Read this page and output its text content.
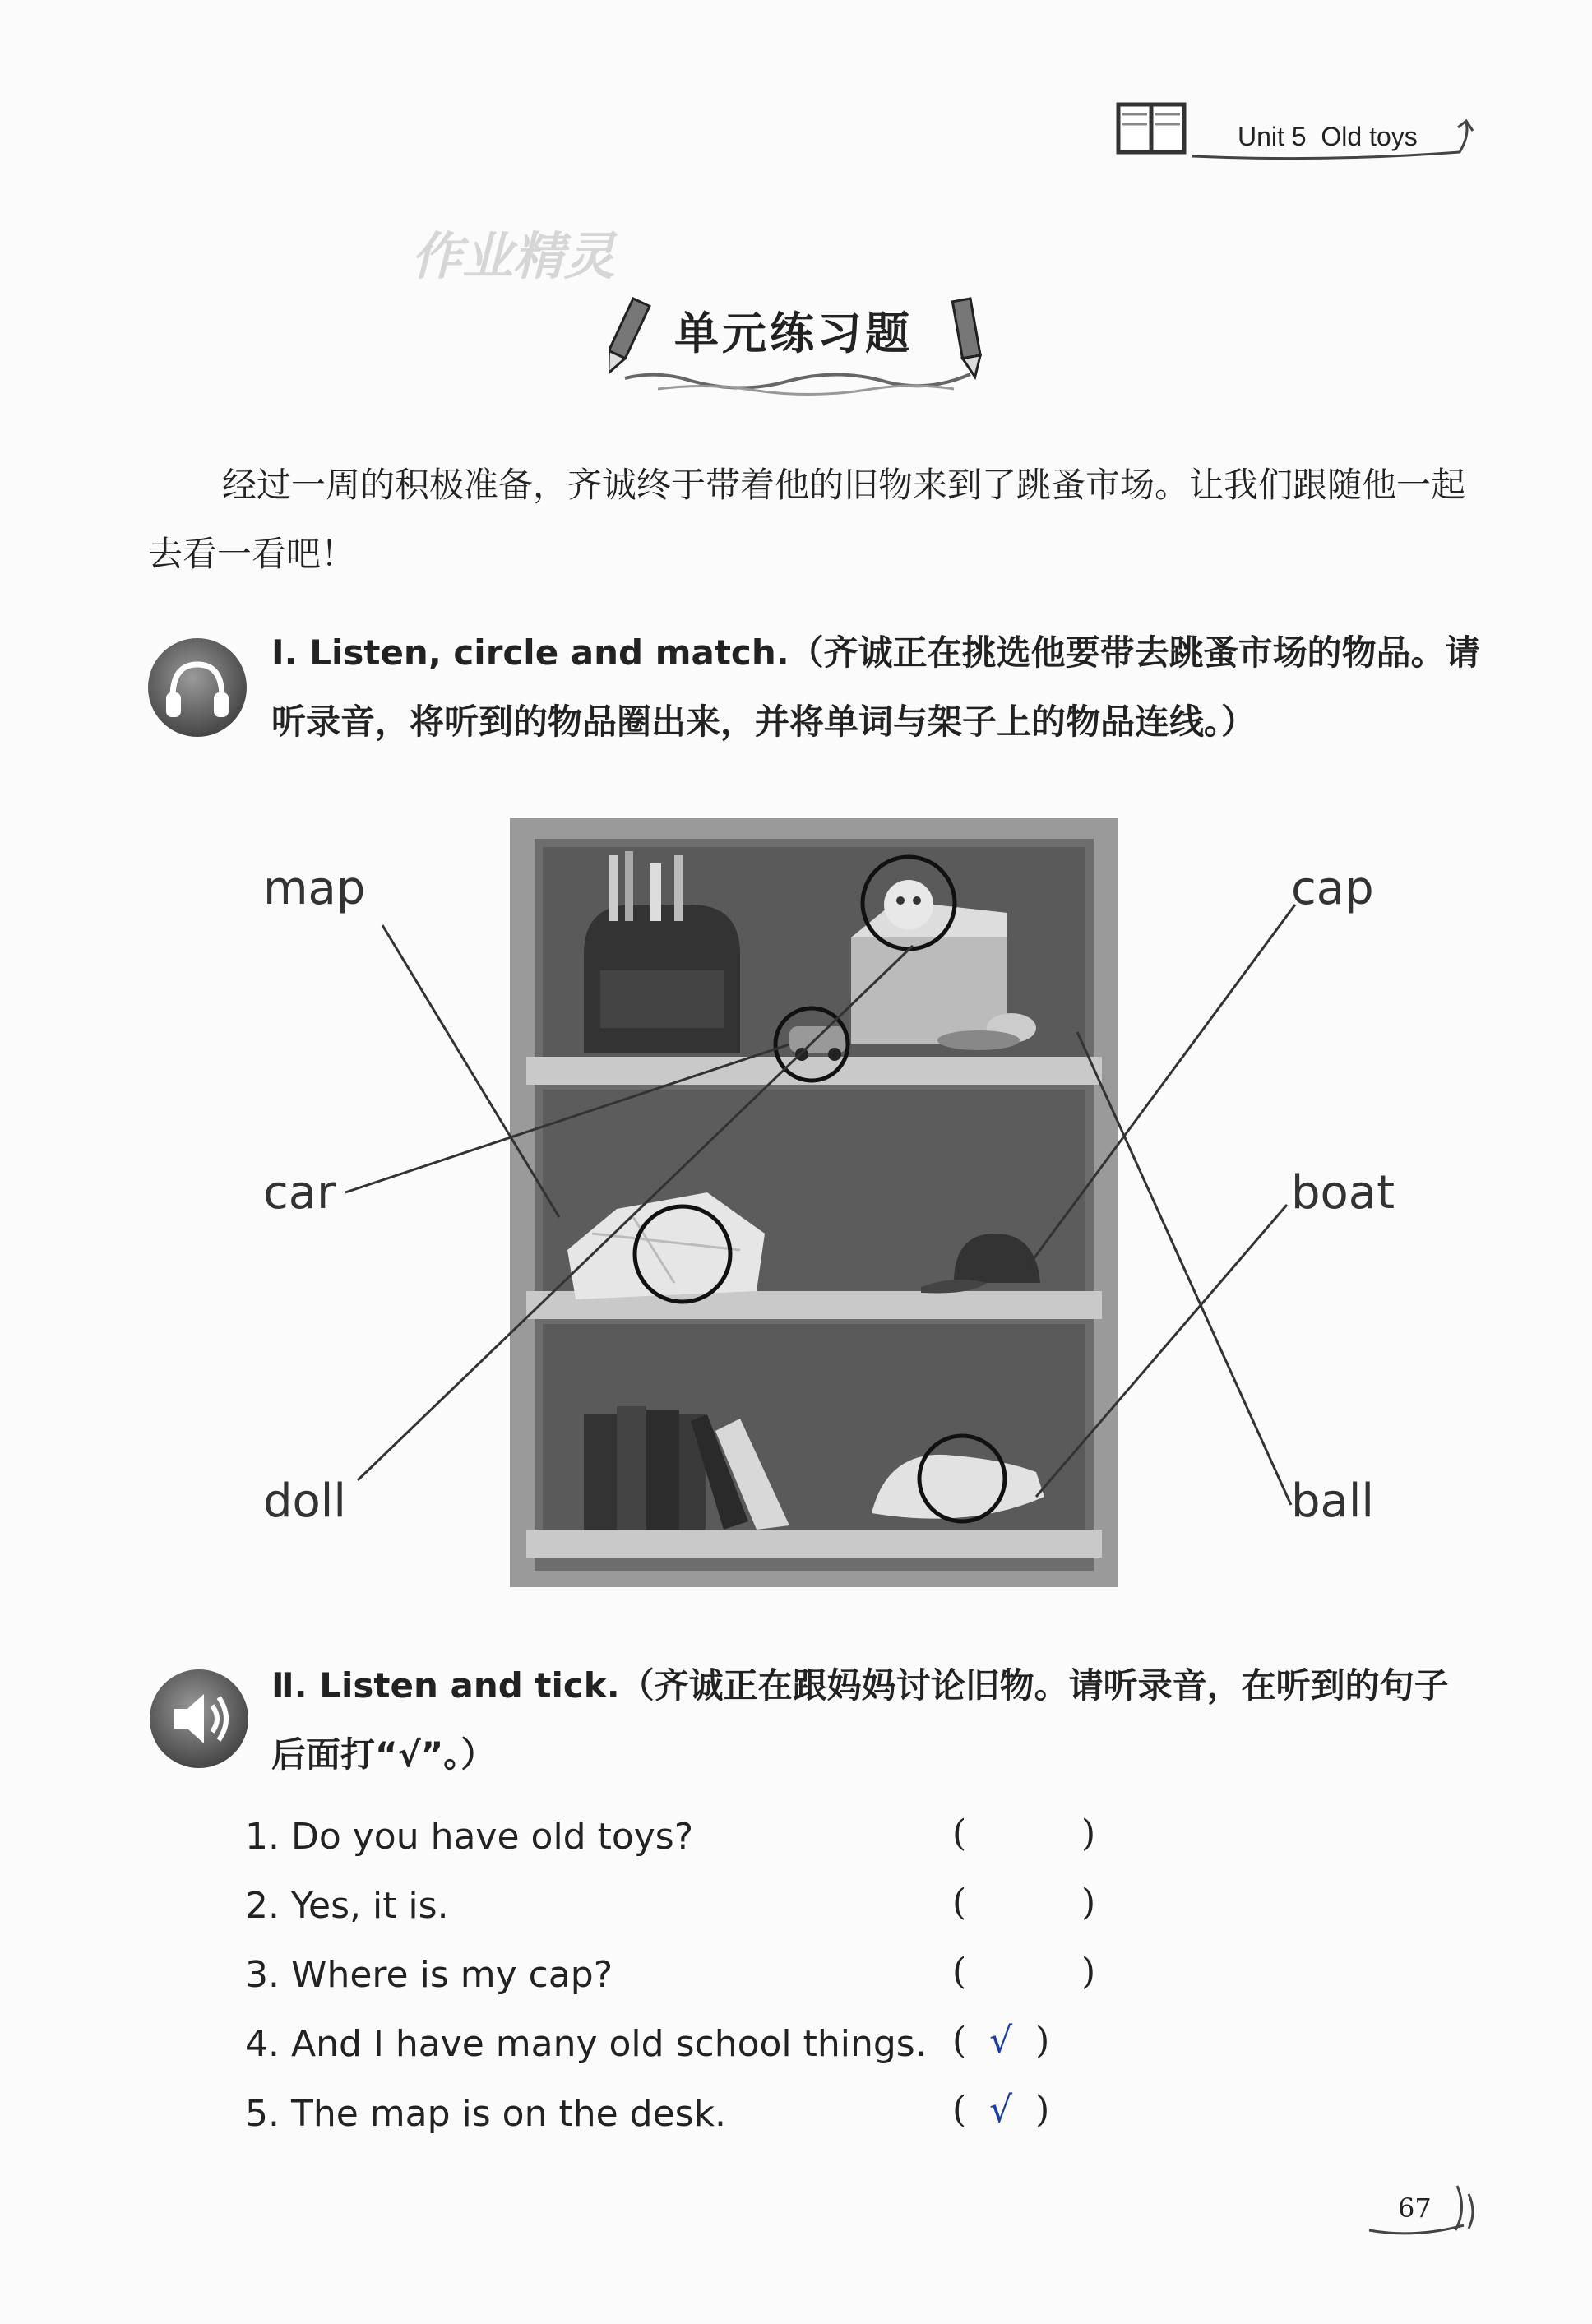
Unit 5  Old toys
作业精灵
单元练习题
经过一周的积极准备，齐诚终于带着他的旧物来到了跳蚤市场。让我们跟随他一起去看一看吧！
Ⅰ. Listen, circle and match.（齐诚正在挑选他要带去跳蚤市场的物品。请听录音，将听到的物品圈出来，并将单词与架子上的物品连线。）
map
car
doll
cap
boat
ball
Ⅱ. Listen and tick.（齐诚正在跟妈妈讨论旧物。请听录音，在听到的句子后面打“√”。）
1. Do you have old toys?
2. Yes, it is.
3. Where is my cap?
4. And I have many old school things.
5. The map is on the desk.
(          )
(          )
(          )
(  √  )
(  √  )
67
